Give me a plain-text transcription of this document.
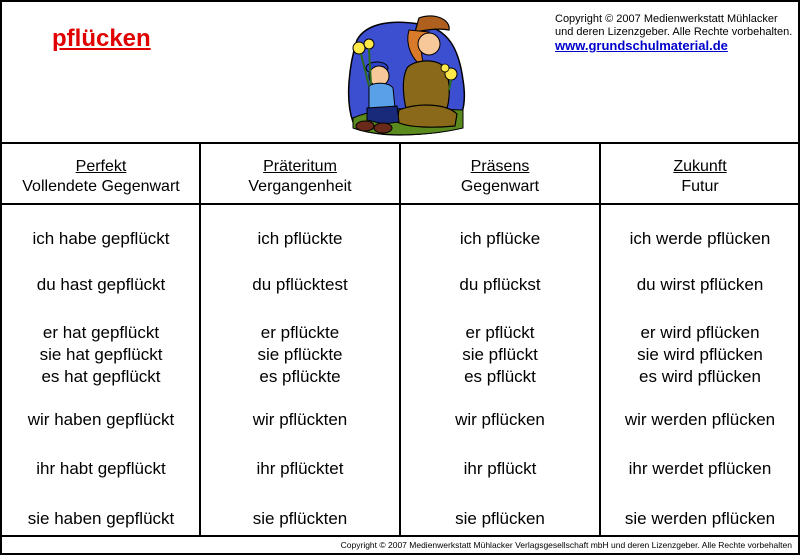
pflücken
Copyright © 2007 Medienwerkstatt Mühlacker
und deren Lizenzgeber. Alle Rechte vorbehalten.
www.grundschulmaterial.de
Perfekt
Vollendete Gegenwart
ich habe gepflückt
du hast gepflückt
er hat gepflückt
sie hat gepflückt
es hat gepflückt
wir haben gepflückt
ihr habt gepflückt
sie haben gepflückt
Präteritum
Vergangenheit
ich pflückte
du pflücktest
er pflückte
sie pflückte
es pflückte
wir pflückten
ihr pflücktet
sie pflückten
Präsens
Gegenwart
ich pflücke
du pflückst
er pflückt
sie pflückt
es pflückt
wir pflücken
ihr pflückt
sie pflücken
Zukunft
Futur
ich werde pflücken
du wirst pflücken
er wird pflücken
sie wird pflücken
es wird pflücken
wir werden pflücken
ihr werdet pflücken
sie werden pflücken
Copyright © 2007 Medienwerkstatt Mühlacker Verlagsgesellschaft mbH und deren Lizenzgeber. Alle Rechte vorbehalten
